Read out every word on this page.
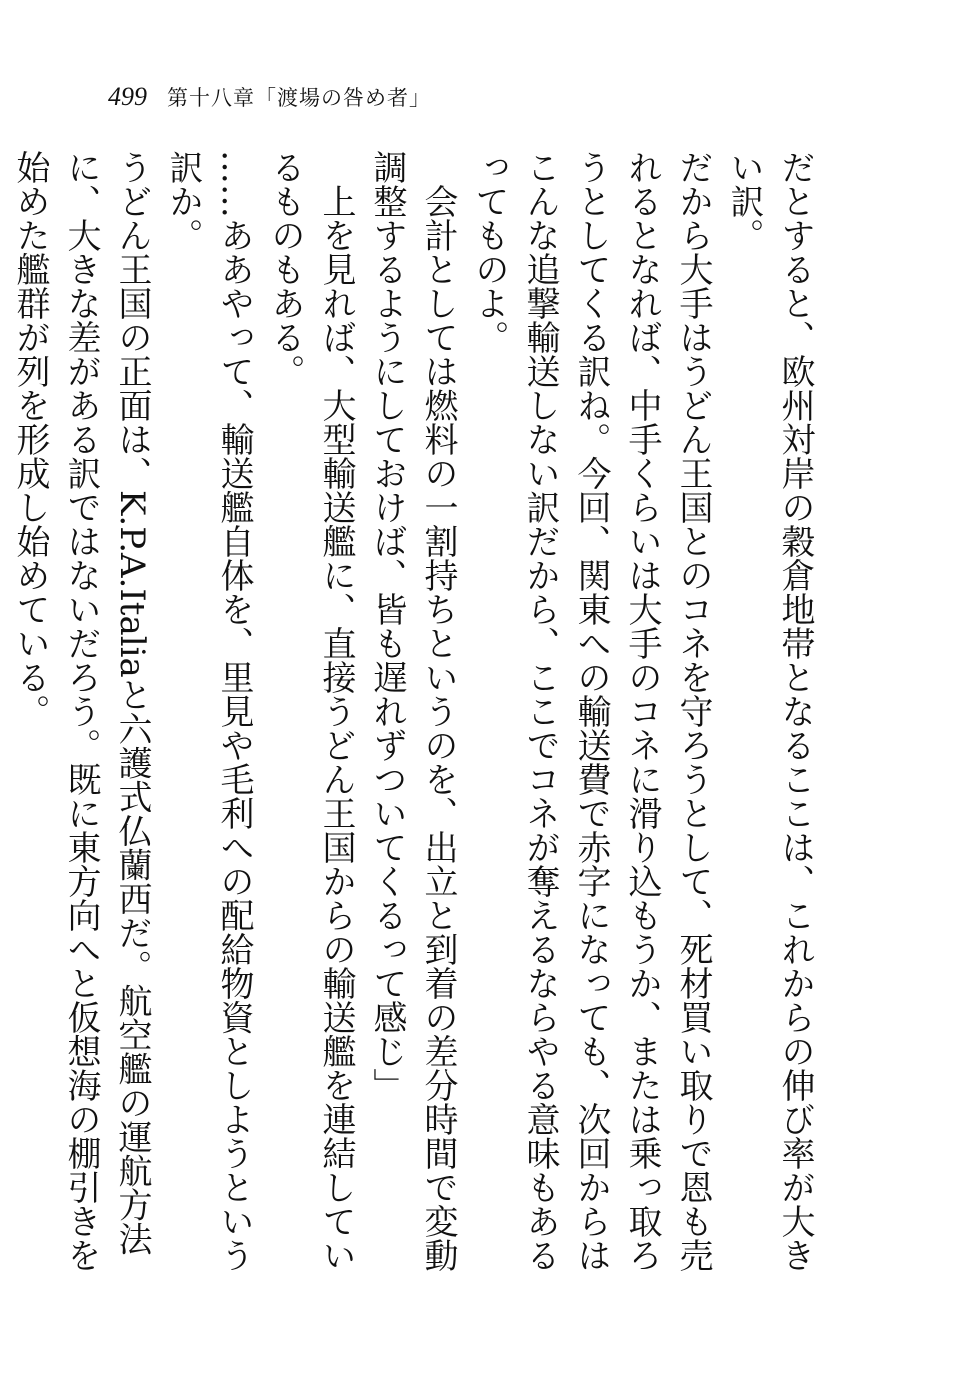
499 第十八章「渡場の咎め者」

だとすると、欧州対岸の穀倉地帯となるここは、これからの伸び率が大きい訳。

だから大手はうどん王国とのコネを守ろうとして、死材買い取りで恩も売れるとなれば、中手くらいは大手のコネに滑り込もうか、または乗っ取ろうとしてくる訳ね。今回、関東への輸送費で赤字になっても、次回からはこんな追撃輸送しない訳だから、ここでコネが奪えるならやる意味もあるってものよ。

会計としては燃料の一割持ちというのを、出立と到着の差分時間で変動調整するようにしておけば、皆も遅れずついてくるって感じ」

上を見れば、大型輸送艦に、直接うどん王国からの輸送艦を連結しているものもある。

……ああやって、輸送艦自体を、里見や毛利への配給物資としようという訳か。

うどん王国の正面は、K.P.A.Italiaと六護式仏蘭西だ。航空艦の運航方法に、大きな差がある訳ではないだろう。既に東方向へと仮想海の棚引きを始めた艦群が列を形成し始めている。
